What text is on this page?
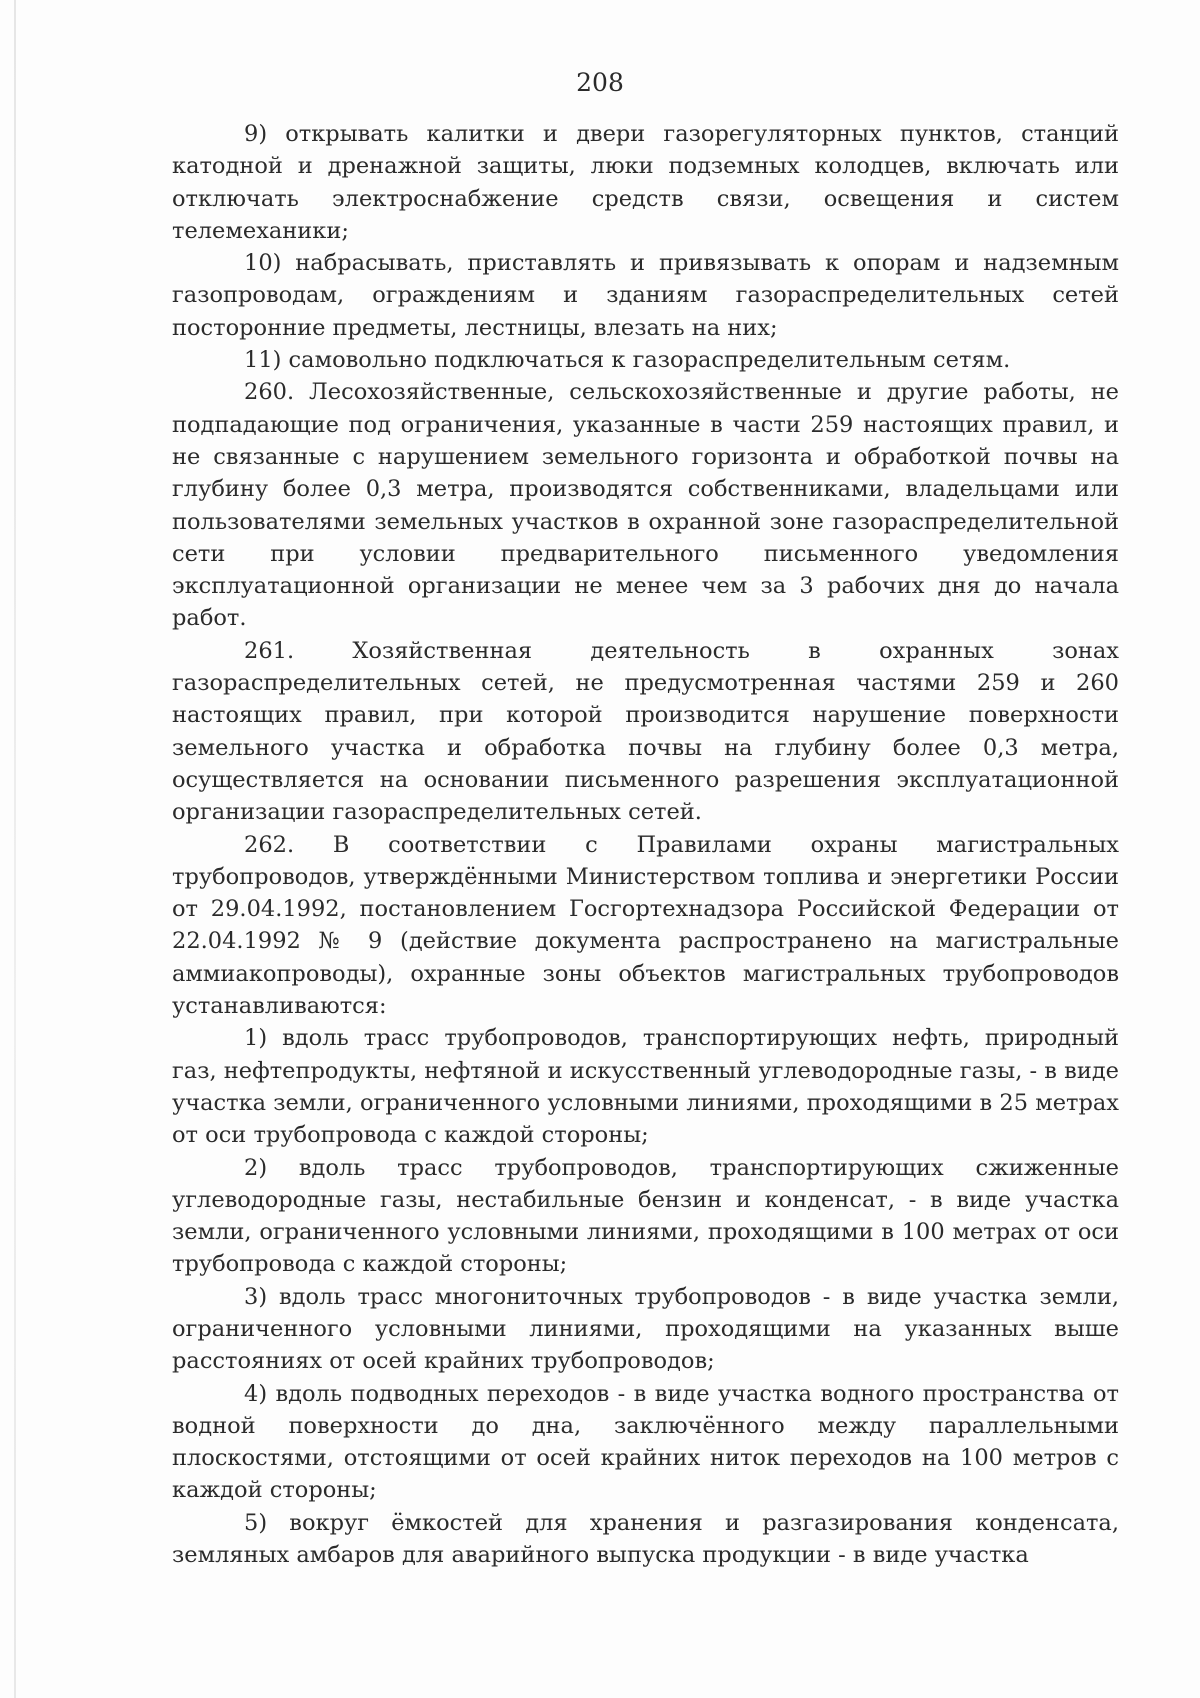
208

9) открывать калитки и двери газорегуляторных пунктов, станций катодной и дренажной защиты, люки подземных колодцев, включать или отключать электроснабжение средств связи, освещения и систем телемеханики;

10) набрасывать, приставлять и привязывать к опорам и надземным газопроводам, ограждениям и зданиям газораспределительных сетей посторонние предметы, лестницы, влезать на них;

11) самовольно подключаться к газораспределительным сетям.

260. Лесохозяйственные, сельскохозяйственные и другие работы, не подпадающие под ограничения, указанные в части 259 настоящих правил, и не связанные с нарушением земельного горизонта и обработкой почвы на глубину более 0,3 метра, производятся собственниками, владельцами или пользователями земельных участков в охранной зоне газораспределительной сети при условии предварительного письменного уведомления эксплуатационной организации не менее чем за 3 рабочих дня до начала работ.

261. Хозяйственная деятельность в охранных зонах газораспределительных сетей, не предусмотренная частями 259 и 260 настоящих правил, при которой производится нарушение поверхности земельного участка и обработка почвы на глубину более 0,3 метра, осуществляется на основании письменного разрешения эксплуатационной организации газораспределительных сетей.

262. В соответствии с Правилами охраны магистральных трубопроводов, утверждёнными Министерством топлива и энергетики России от 29.04.1992, постановлением Госгортехнадзора Российской Федерации от 22.04.1992 № 9 (действие документа распространено на магистральные аммиакопроводы), охранные зоны объектов магистральных трубопроводов устанавливаются:

1) вдоль трасс трубопроводов, транспортирующих нефть, природный газ, нефтепродукты, нефтяной и искусственный углеводородные газы, - в виде участка земли, ограниченного условными линиями, проходящими в 25 метрах от оси трубопровода с каждой стороны;

2) вдоль трасс трубопроводов, транспортирующих сжиженные углеводородные газы, нестабильные бензин и конденсат, - в виде участка земли, ограниченного условными линиями, проходящими в 100 метрах от оси трубопровода с каждой стороны;

3) вдоль трасс многониточных трубопроводов - в виде участка земли, ограниченного условными линиями, проходящими на указанных выше расстояниях от осей крайних трубопроводов;

4) вдоль подводных переходов - в виде участка водного пространства от водной поверхности до дна, заключённого между параллельными плоскостями, отстоящими от осей крайних ниток переходов на 100 метров с каждой стороны;

5) вокруг ёмкостей для хранения и разгазирования конденсата, земляных амбаров для аварийного выпуска продукции - в виде участка
